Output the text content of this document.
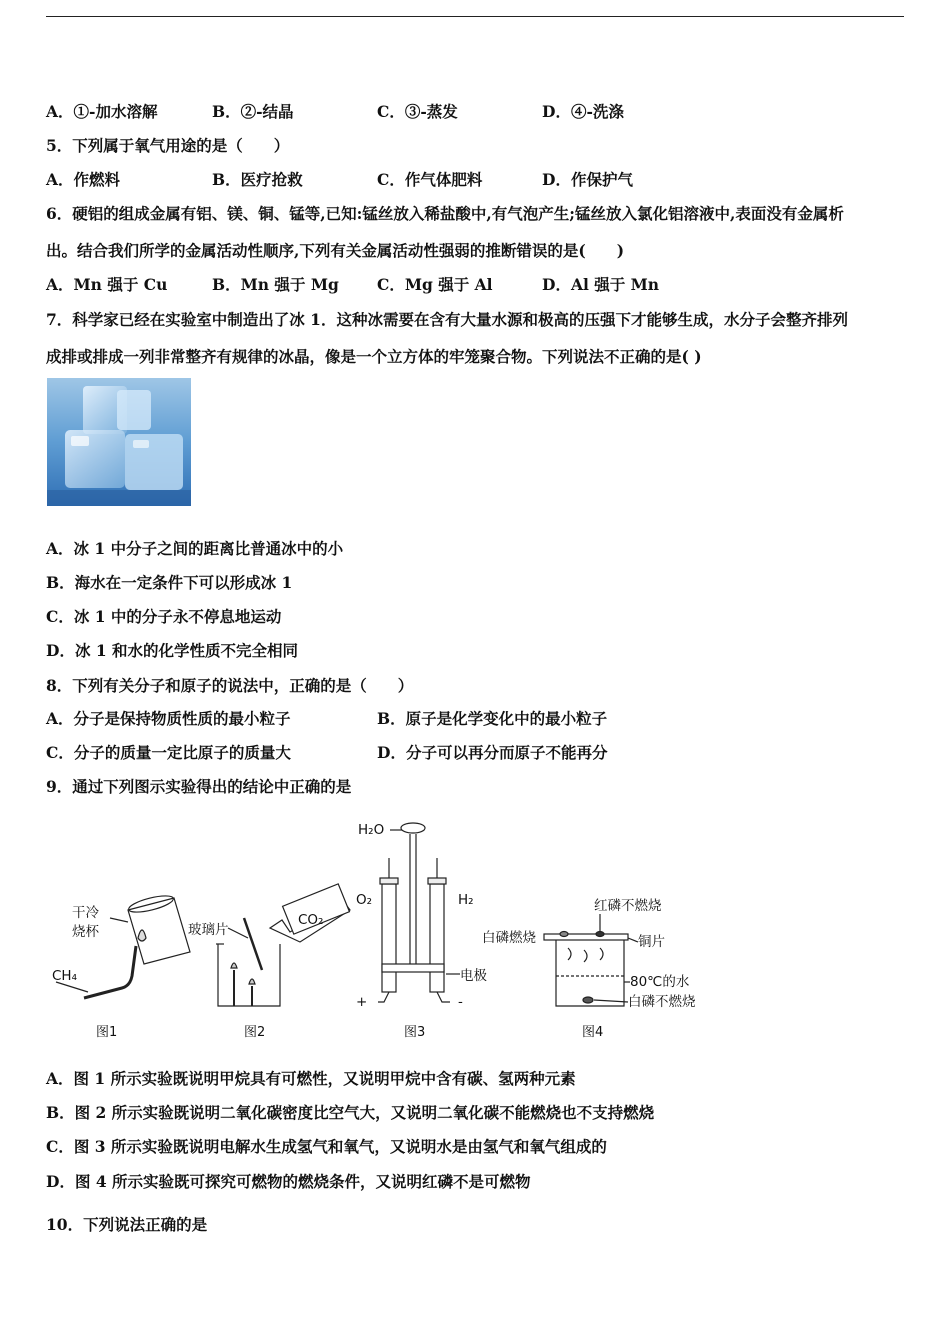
A．①-加水溶解	B．②-结晶	C．③-蒸发	D．④-洗涤
5．下列属于氧气用途的是（　　）
A．作燃料	B．医疗抢救	C．作气体肥料	D．作保护气
6．硬铝的组成金属有铝、镁、铜、锰等,已知:锰丝放入稀盐酸中,有气泡产生;锰丝放入氯化铝溶液中,表面没有金属析
出。结合我们所学的金属活动性顺序,下列有关金属活动性强弱的推断错误的是(　　)
A．Mn 强于 Cu	B．Mn 强于 Mg C．Mg 强于 Al	D．Al 强于 Mn
7．科学家已经在实验室中制造出了冰 1．这种冰需要在含有大量水源和极高的压强下才能够生成，水分子会整齐排列
成排或排成一列非常整齐有规律的冰晶，像是一个立方体的牢笼聚合物。下列说法不正确的是( )
A．冰 1 中分子之间的距离比普通冰中的小
B．海水在一定条件下可以形成冰 1
C．冰 1 中的分子永不停息地运动
D．冰 1 和水的化学性质不完全相同
8．下列有关分子和原子的说法中，正确的是（　　）
A．分子是保持物质性质的最小粒子	B．原子是化学变化中的最小粒子
C．分子的质量一定比原子的质量大	D．分子可以再分而原子不能再分
9．通过下列图示实验得出的结论中正确的是
干冷
烧杯
CH₄
图1
玻璃片
CO₂
图2
H₂O
O₂	H₂
电极
+	-
图3
红磷不燃烧
白磷燃烧	铜片
80℃的水
白磷不燃烧
图4
A．图 1 所示实验既说明甲烷具有可燃性，又说明甲烷中含有碳、氢两种元素
B．图 2 所示实验既说明二氧化碳密度比空气大，又说明二氧化碳不能燃烧也不支持燃烧
C．图 3 所示实验既说明电解水生成氢气和氧气，又说明水是由氢气和氧气组成的
D．图 4 所示实验既可探究可燃物的燃烧条件，又说明红磷不是可燃物
10．下列说法正确的是
